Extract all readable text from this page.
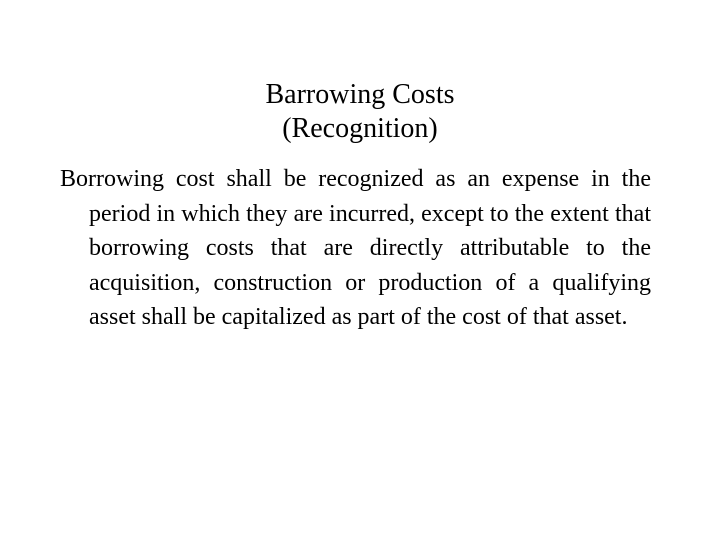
Barrowing Costs
(Recognition)

Borrowing cost shall be recognized as an expense in the period in which they are incurred, except to the extent that borrowing costs that are directly attributable to the acquisition, construction or production of a qualifying asset shall be capitalized as part of the cost of that asset.
